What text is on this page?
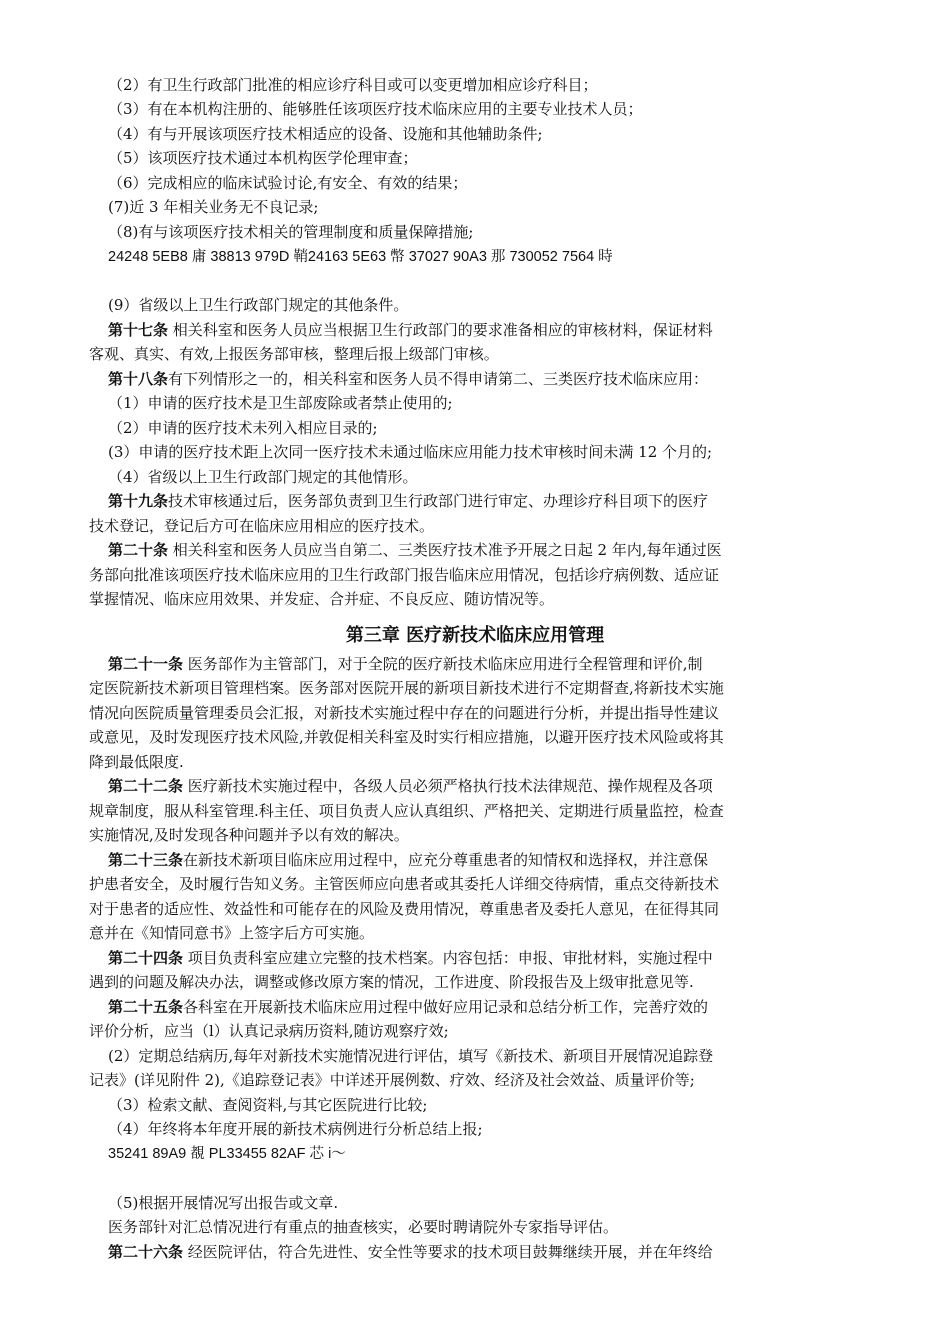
（2）有卫生行政部门批准的相应诊疗科目或可以变更增加相应诊疗科目；
（3）有在本机构注册的、能够胜任该项医疗技术临床应用的主要专业技术人员；
（4）有与开展该项医疗技术相适应的设备、设施和其他辅助条件;
（5）该项医疗技术通过本机构医学伦理审查；
（6）完成相应的临床试验讨论,有安全、有效的结果；
(7)近 3 年相关业务无不良记录;
（8)有与该项医疗技术相关的管理制度和质量保障措施;
24248 5EB8 庸 38813 979D 鞘24163 5E63 幣 37027 90A3 那 730052 7564 時
(9）省级以上卫生行政部门规定的其他条件。
第十七条 相关科室和医务人员应当根据卫生行政部门的要求准备相应的审核材料，保证材料
客观、真实、有效,上报医务部审核，整理后报上级部门审核。
第十八条有下列情形之一的，相关科室和医务人员不得申请第二、三类医疗技术临床应用：
（1）申请的医疗技术是卫生部废除或者禁止使用的;
（2）申请的医疗技术未列入相应目录的;
(3）申请的医疗技术距上次同一医疗技术未通过临床应用能力技术审核时间未满 12 个月的;
（4）省级以上卫生行政部门规定的其他情形。
第十九条技术审核通过后，医务部负责到卫生行政部门进行审定、办理诊疗科目项下的医疗
技术登记，登记后方可在临床应用相应的医疗技术。
第二十条 相关科室和医务人员应当自第二、三类医疗技术准予开展之日起 2 年内,每年通过医
务部向批准该项医疗技术临床应用的卫生行政部门报告临床应用情况，包括诊疗病例数、适应证
掌握情况、临床应用效果、并发症、合并症、不良反应、随访情况等。
第三章 医疗新技术临床应用管理
第二十一条 医务部作为主管部门，对于全院的医疗新技术临床应用进行全程管理和评价,制
定医院新技术新项目管理档案。医务部对医院开展的新项目新技术进行不定期督查,将新技术实施
情况向医院质量管理委员会汇报，对新技术实施过程中存在的问题进行分析，并提出指导性建议
或意见，及时发现医疗技术风险,并敦促相关科室及时实行相应措施，以避开医疗技术风险或将其
降到最低限度.
第二十二条 医疗新技术实施过程中，各级人员必须严格执行技术法律规范、操作规程及各项
规章制度，服从科室管理.科主任、项目负责人应认真组织、严格把关、定期进行质量监控，检查
实施情况,及时发现各种问题并予以有效的解决。
第二十三条在新技术新项目临床应用过程中，应充分尊重患者的知情权和选择权，并注意保
护患者安全，及时履行告知义务。主管医师应向患者或其委托人详细交待病情，重点交待新技术
对于患者的适应性、效益性和可能存在的风险及费用情况，尊重患者及委托人意见，在征得其同
意并在《知情同意书》上签字后方可实施。
第二十四条 项目负责科室应建立完整的技术档案。内容包括：申报、审批材料，实施过程中
遇到的问题及解决办法，调整或修改原方案的情况，工作进度、阶段报告及上级审批意见等.
第二十五条各科室在开展新技术临床应用过程中做好应用记录和总结分析工作，完善疗效的
评价分析，应当（l）认真记录病历资料,随访观察疗效;
(2）定期总结病历,每年对新技术实施情况进行评估，填写《新技术、新项目开展情况追踪登
记表》(详见附件 2),《追踪登记表》中详述开展例数、疗效、经济及社会效益、质量评价等;
（3）检索文献、查阅资料,与其它医院进行比较;
（4）年终将本年度开展的新技术病例进行分析总结上报;
35241 89A9 覩 PL33455 82AF 芯 i～
（5)根据开展情况写出报告或文章.
医务部针对汇总情况进行有重点的抽查核实，必要时聘请院外专家指导评估。
第二十六条 经医院评估，符合先进性、安全性等要求的技术项目鼓舞继续开展，并在年终给
